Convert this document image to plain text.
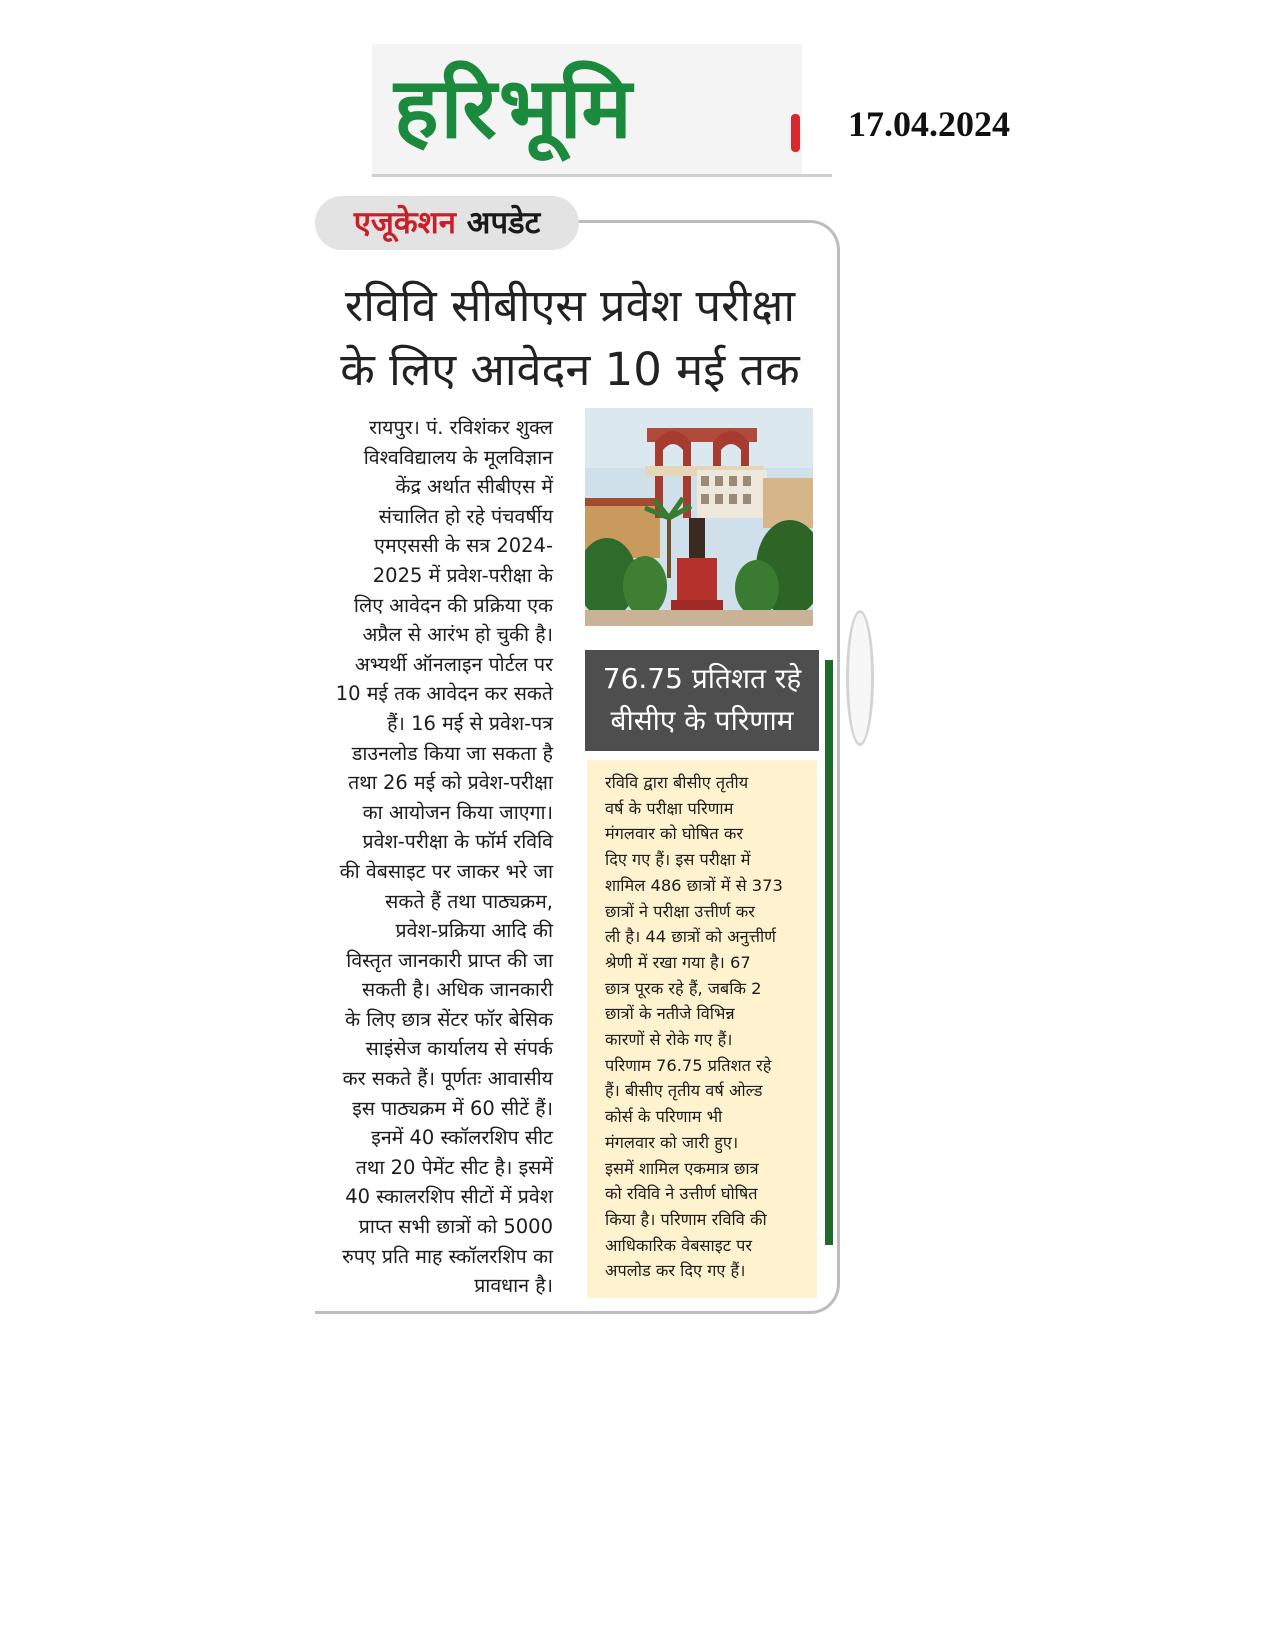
हरिभूमि	17.04.2024
एजूकेशन अपडेट
रविवि सीबीएस प्रवेश परीक्षा
के लिए आवेदन 10 मई तक
रायपुर। पं. रविशंकर शुक्ल
विश्वविद्यालय के मूलविज्ञान
केंद्र अर्थात सीबीएस में
संचालित हो रहे पंचवर्षीय
एमएससी के सत्र 2024-
2025 में प्रवेश-परीक्षा के
लिए आवेदन की प्रक्रिया एक
अप्रैल से आरंभ हो चुकी है।
अभ्यर्थी ऑनलाइन पोर्टल पर
10 मई तक आवेदन कर सकते
हैं। 16 मई से प्रवेश-पत्र
डाउनलोड किया जा सकता है
तथा 26 मई को प्रवेश-परीक्षा
का आयोजन किया जाएगा।
प्रवेश-परीक्षा के फॉर्म रविवि
की वेबसाइट पर जाकर भरे जा
सकते हैं तथा पाठ्यक्रम,
प्रवेश-प्रक्रिया आदि की
विस्तृत जानकारी प्राप्त की जा
सकती है। अधिक जानकारी
के लिए छात्र सेंटर फॉर बेसिक
साइंसेज कार्यालय से संपर्क
कर सकते हैं। पूर्णतः आवासीय
इस पाठ्यक्रम में 60 सीटें हैं।
इनमें 40 स्कॉलरशिप सीट
तथा 20 पेमेंट सीट है। इसमें
40 स्कालरशिप सीटों में प्रवेश
प्राप्त सभी छात्रों को 5000
रुपए प्रति माह स्कॉलरशिप का
प्रावधान है।
76.75 प्रतिशत रहे
बीसीए के परिणाम
रविवि द्वारा बीसीए तृतीय
वर्ष के परीक्षा परिणाम
मंगलवार को घोषित कर
दिए गए हैं। इस परीक्षा में
शामिल 486 छात्रों में से 373
छात्रों ने परीक्षा उत्तीर्ण कर
ली है। 44 छात्रों को अनुत्तीर्ण
श्रेणी में रखा गया है। 67
छात्र पूरक रहे हैं, जबकि 2
छात्रों के नतीजे विभिन्न
कारणों से रोके गए हैं।
परिणाम 76.75 प्रतिशत रहे
हैं। बीसीए तृतीय वर्ष ओल्ड
कोर्स के परिणाम भी
मंगलवार को जारी हुए।
इसमें शामिल एकमात्र छात्र
को रविवि ने उत्तीर्ण घोषित
किया है। परिणाम रविवि की
आधिकारिक वेबसाइट पर
अपलोड कर दिए गए हैं।
